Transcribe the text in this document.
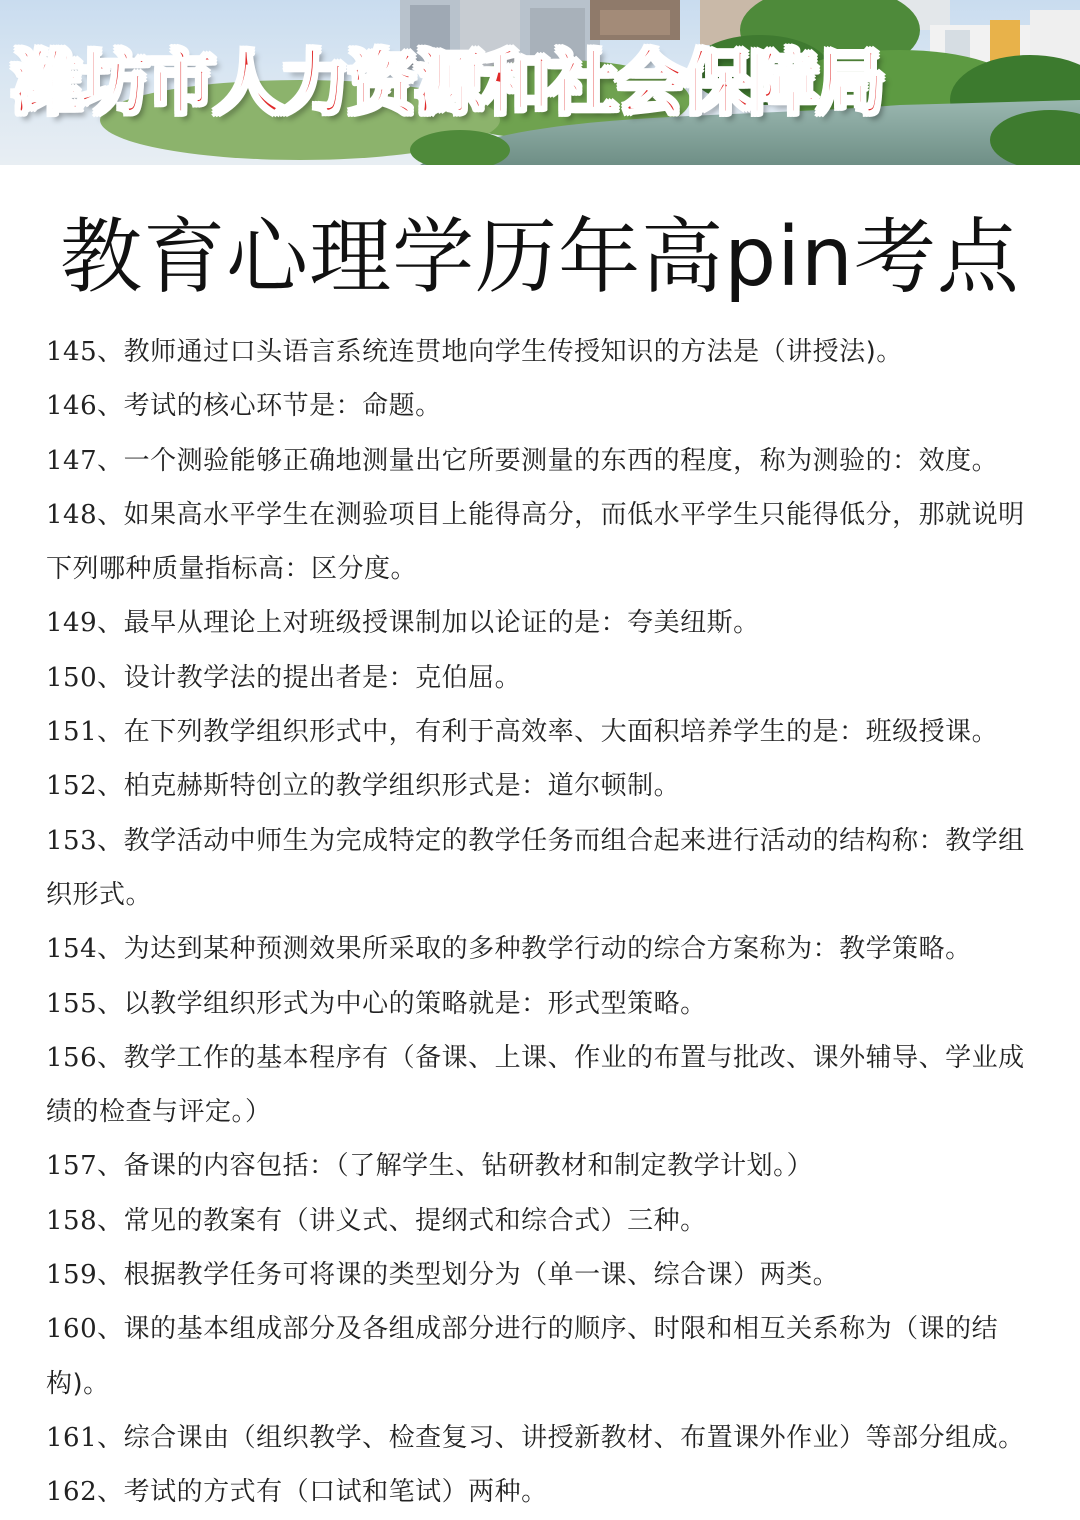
潍坊市人力资源和社会保障局
教育心理学历年高pin考点
145、教师通过口头语言系统连贯地向学生传授知识的方法是（讲授法)。
146、考试的核心环节是：命题。
147、一个测验能够正确地测量出它所要测量的东西的程度，称为测验的：效度。
148、如果高水平学生在测验项目上能得高分，而低水平学生只能得低分，那就说明下列哪种质量指标高：区分度。
149、最早从理论上对班级授课制加以论证的是：夸美纽斯。
150、设计教学法的提出者是：克伯屈。
151、在下列教学组织形式中，有利于高效率、大面积培养学生的是：班级授课。
152、柏克赫斯特创立的教学组织形式是：道尔顿制。
153、教学活动中师生为完成特定的教学任务而组合起来进行活动的结构称：教学组织形式。
154、为达到某种预测效果所采取的多种教学行动的综合方案称为：教学策略。
155、以教学组织形式为中心的策略就是：形式型策略。
156、教学工作的基本程序有（备课、上课、作业的布置与批改、课外辅导、学业成绩的检查与评定。）
157、备课的内容包括：（了解学生、钻研教材和制定教学计划。）
158、常见的教案有（讲义式、提纲式和综合式）三种。
159、根据教学任务可将课的类型划分为（单一课、综合课）两类。
160、课的基本组成部分及各组成部分进行的顺序、时限和相互关系称为（课的结构)。
161、综合课由（组织教学、检查复习、讲授新教材、布置课外作业）等部分组成。
162、考试的方式有（口试和笔试）两种。
